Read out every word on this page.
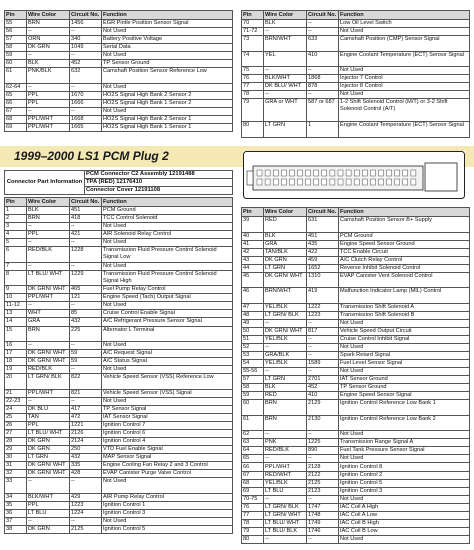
Pin	Wire Color	Circuit No.	Function
55	BRN	1456	EGR Pintle Position Sensor Signal
56	--	--	Not Used
57	ORN	340	Battery Positive Voltage
58	DK GRN	1049	Serial Data
59	--	--	Not Used
60	BLK	452	TP Sensor Ground
61	PNK/BLK	632	Camshaft Position Sensor Reference Low
62-64	--	--	Not Used
65	PPL	1670	HO2S Signal High Bank 2 Sensor 2
66	PPL	1666	HO2S Signal High Bank 1 Sensor 2
67	--	--	Not Used
68	PPL/WHT	1668	HO2S Signal High Bank 2 Sensor 1
69	PPL/WHT	1665	HO2S Signal High Bank 1 Sensor 1
Pin	Wire Color	Circuit No.	Function
70	BLK	--	Low Oil Level Switch
71-72	--	--	Not Used
73	BRN/WHT	633	Camshaft Position (CMP) Sensor Signal
74	YEL	410	Engine Coolant Temperature (ECT) Sensor Signal
75	--	--	Not Used
76	BLK/WHT	1868	Injector 7 Control
77	DK BLU/ WHT	878	Injector 8 Control
78	--	--	Not Used
79	GRA or WHT	587 or 687	1-2 Shift Solenoid Control (M/T) or 3-2 Shift Solenoid Control (A/T)
80	LT GRN	1	Engine Coolant Temperature (ECT) Sensor Signal
1999–2000 LS1 PCM Plug 2
Connector Part Information	PCM Connector C2 Assembly 12191488
TPA (RED) 12176410
Connector Cover 12191108
Pin	Wire Color	Circuit No.	Function
1	BLK	451	PCM Ground
2	BRN	418	TCC Control Solenoid
3	--	--	Not Used
4	PPL	421	AIR Solenoid Relay Control
5	--	--	Not Used
6	RED/BLK	1228	Transmission Fluid Pressure Control Solenoid Signal Low
7	--	--	Not Used
8	LT BLU/ WHT	1229	Transmission Fluid Pressure Control Solenoid Signal High
9	DK GRN/ WHT	465	Fuel Pump Relay Control
10	PPL/WHT	121	Engine Speed (Tach) Output Signal
11-12	--	--	Not Used
13	WHT	85	Cruise Control Enable Signal
14	GRA	432	A/C Refrigerant Pressure Sensor Signal
15	BRN	225	Alternator L Terminal
16	--	--	Not Used
17	DK GRN/ WHT	59	A/C Request Signal
18	DK GRN/ WHT	59	A/C Status Signal
19	RED/BLK	--	Not Used
20	LT GRN/ BLK	822	Vehicle Speed Sensor (VSS) Reference Low
21	PPL/WHT	821	Vehicle Speed Sensor (VSS) Signal
22-23	--	--	Not Used
24	DK BLU	417	TP Sensor Signal
25	TAN	472	IAT Sensor Signal
26	PPL	1221	Ignition Control 7
27	LT BLU/ WHT	2126	Ignition Control 6
28	DK GRN	2124	Ignition Control 4
29	DK GRN	250	VTD Fuel Enable Signal
30	LT GRN	432	MAP Sensor Signal
31	DK GRN/ WHT	335	Engine Cooling Fan Relay 2 and 3 Control
32	DK GRN/ WHT	428	EVAP Canister Purge Valve Control
33	--	--	Not Used
34	BLK/WHT	429	AIR Pump Relay Control
35	PPL	1223	Ignition Control 1
36	LT BLU	1224	Ignition Control 3
37	--	--	Not Used
38	DK GRN	2125	Ignition Control 5
Pin	Wire Color	Circuit No.	Function
39	RED	631	Camshaft Position Sensor B+ Supply
40	BLK	451	PCM Ground
41	GRA	435	Engine Speed Sensor Ground
42	TAN/BLK	422	TCC Enable Circuit
43	DK GRN	459	A/C Clutch Relay Control
44	LT GRN	1652	Reverse Inhibit Solenoid Control
45	DK GRN/ WHT	1310	EVAP Canister Vent Solenoid Control
46	BRN/WHT	419	Malfunction Indicator Lamp (MIL) Control
47	YEL/BLK	1222	Transmission Shift Solenoid A
48	LT GRN/ BLK	1223	Transmission Shift Solenoid B
49	--	--	Not Used
50	DK GRN/ WHT	817	Vehicle Speed Output Circuit
51	YEL/BLK	--	Cruise Control Inhibit Signal
52	--	--	Not Used
53	GRA/BLK	--	Spark Retard Signal
54	YEL/BLK	1589	Fuel Level Sensor Signal
55-56	--	--	Not Used
57	LT GRN	2701	IAT Sensor Ground
58	BLK	452	TP Sensor Ground
59	RED	410	Engine Speed Sensor Signal
60	BRN	2129	Ignition Control Reference Low Bank 1
61	BRN	2130	Ignition Control Reference Low Bank 2
62	--	--	Not Used
63	PNK	1225	Transmission Range Signal A
64	RED/BLK	890	Fuel Tank Pressure Sensor Signal
65	--	--	Not Used
66	PPL/WHT	2128	Ignition Control 8
67	RED/WHT	2122	Ignition Control 2
68	YEL/BLK	2125	Ignition Control 5
69	LT BLU	2123	Ignition Control 3
70-75	--	--	Not Used
76	LT GRN/ BLK	1747	IAC Coil A High
77	LT GRN/ WHT	1748	IAC Coil A Low
78	LT BLU/ WHT	1749	IAC Coil B High
79	LT BLU/ BLK	1746	IAC Coil B Low
80	--	--	Not Used
